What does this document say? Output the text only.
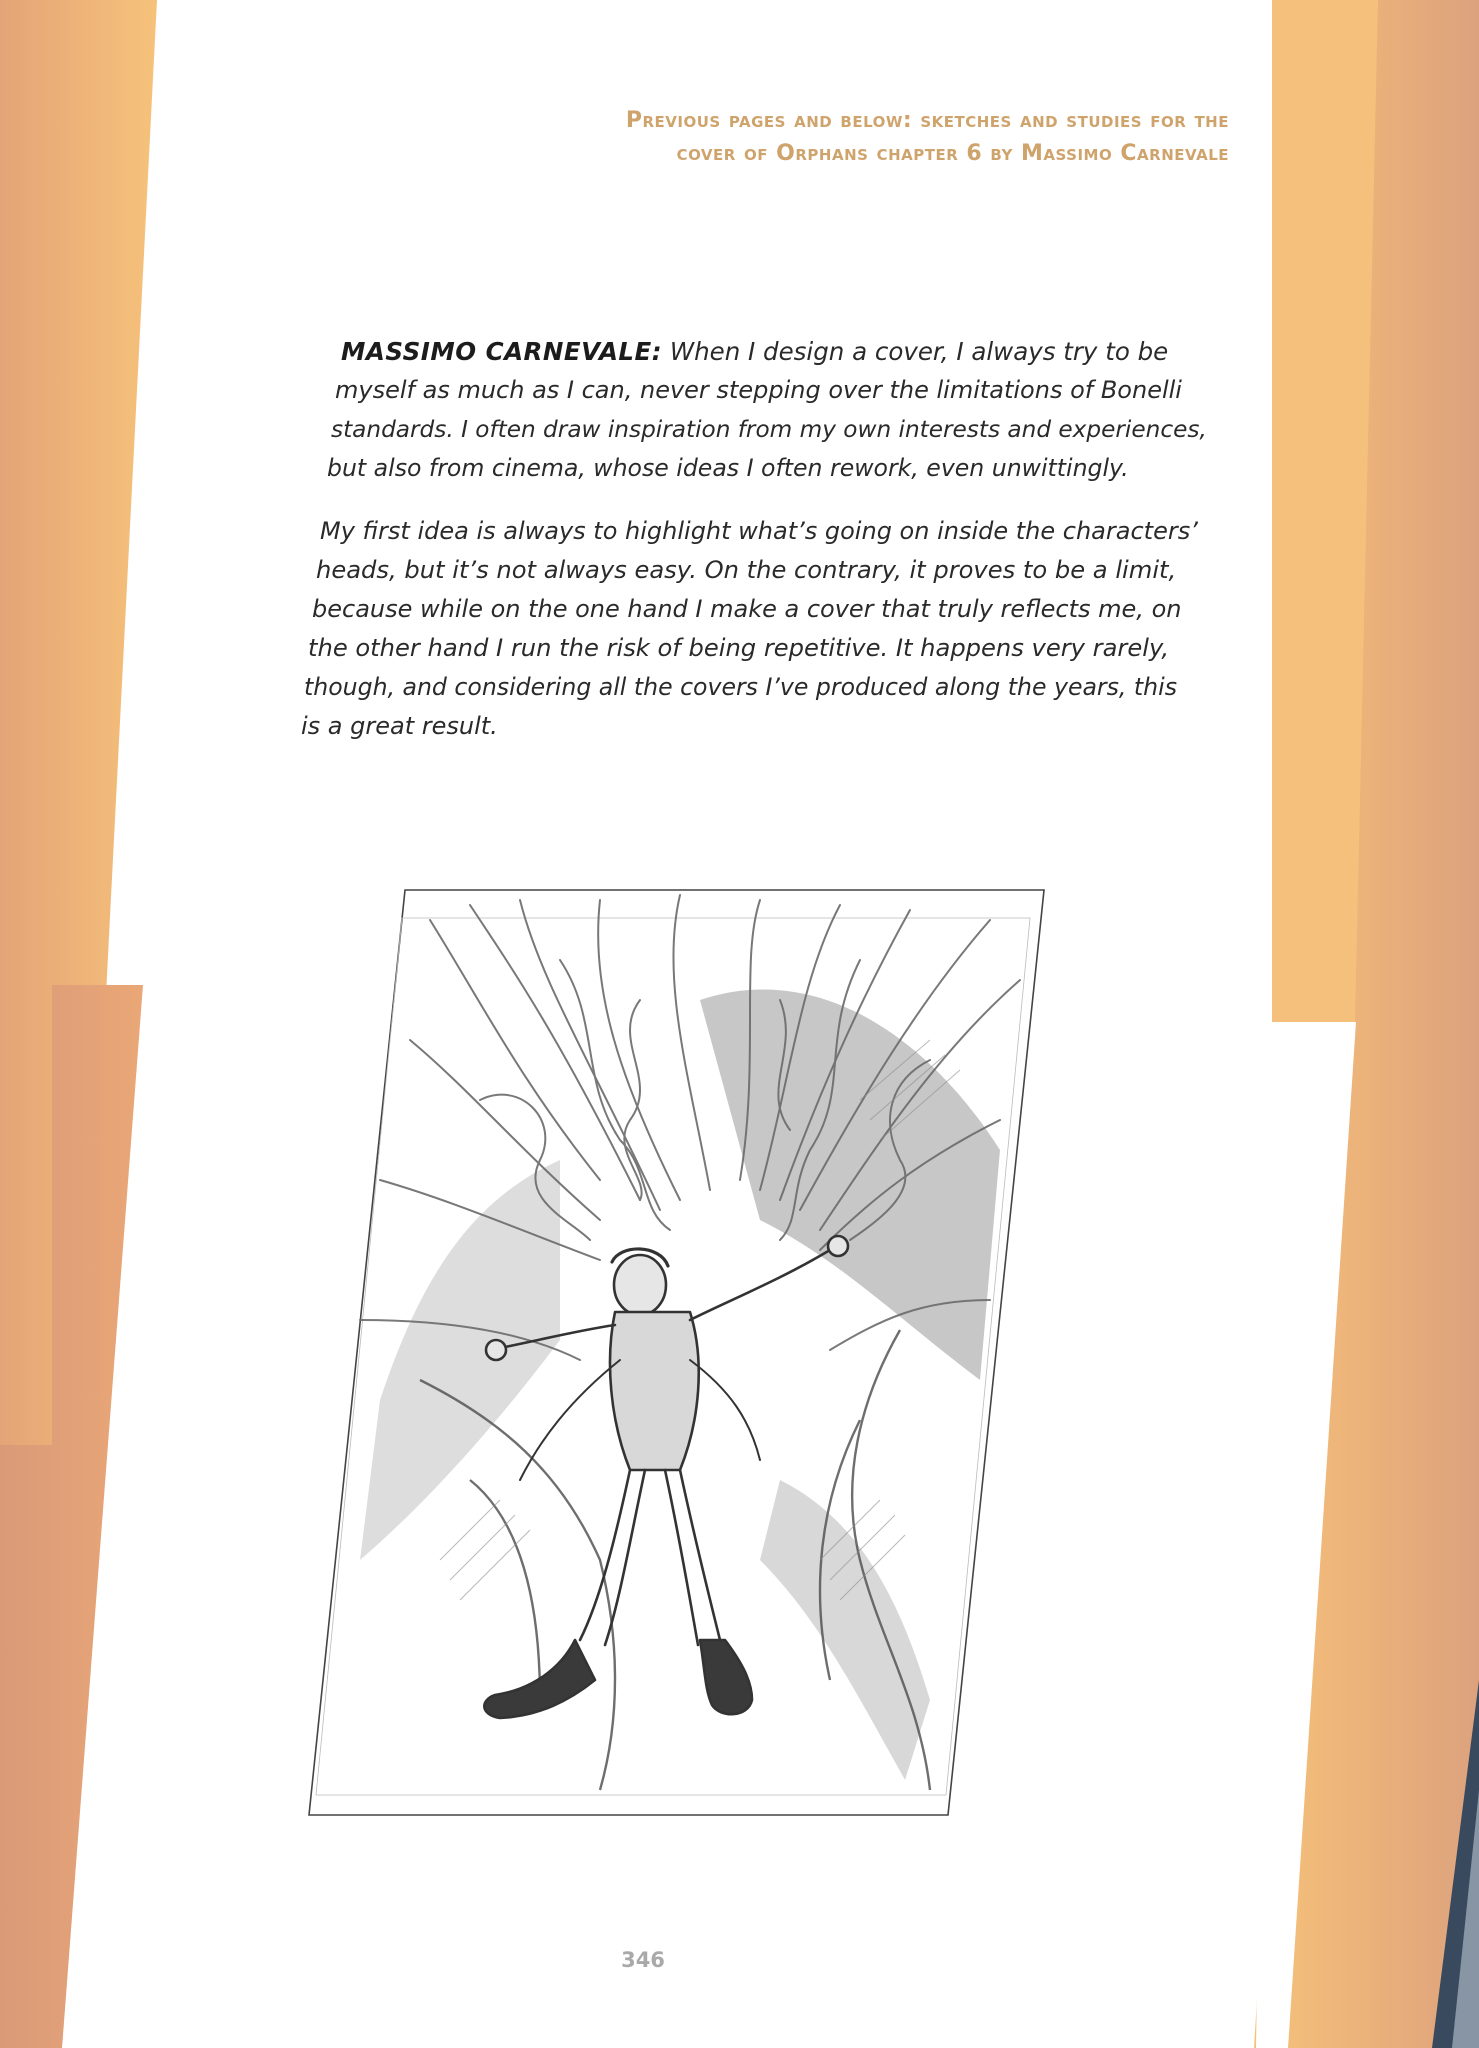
Previous pages and below: sketches and studies for the
cover of Orphans chapter 6 by Massimo Carnevale
MASSIMO CARNEVALE: When I design a cover, I always try to be
myself as much as I can, never stepping over the limitations of Bonelli
standards. I often draw inspiration from my own interests and experiences,
but also from cinema, whose ideas I often rework, even unwittingly.
My first idea is always to highlight what’s going on inside the characters’
heads, but it’s not always easy. On the contrary, it proves to be a limit,
because while on the one hand I make a cover that truly reflects me, on
the other hand I run the risk of being repetitive. It happens very rarely,
though, and considering all the covers I’ve produced along the years, this
is a great result.
346
